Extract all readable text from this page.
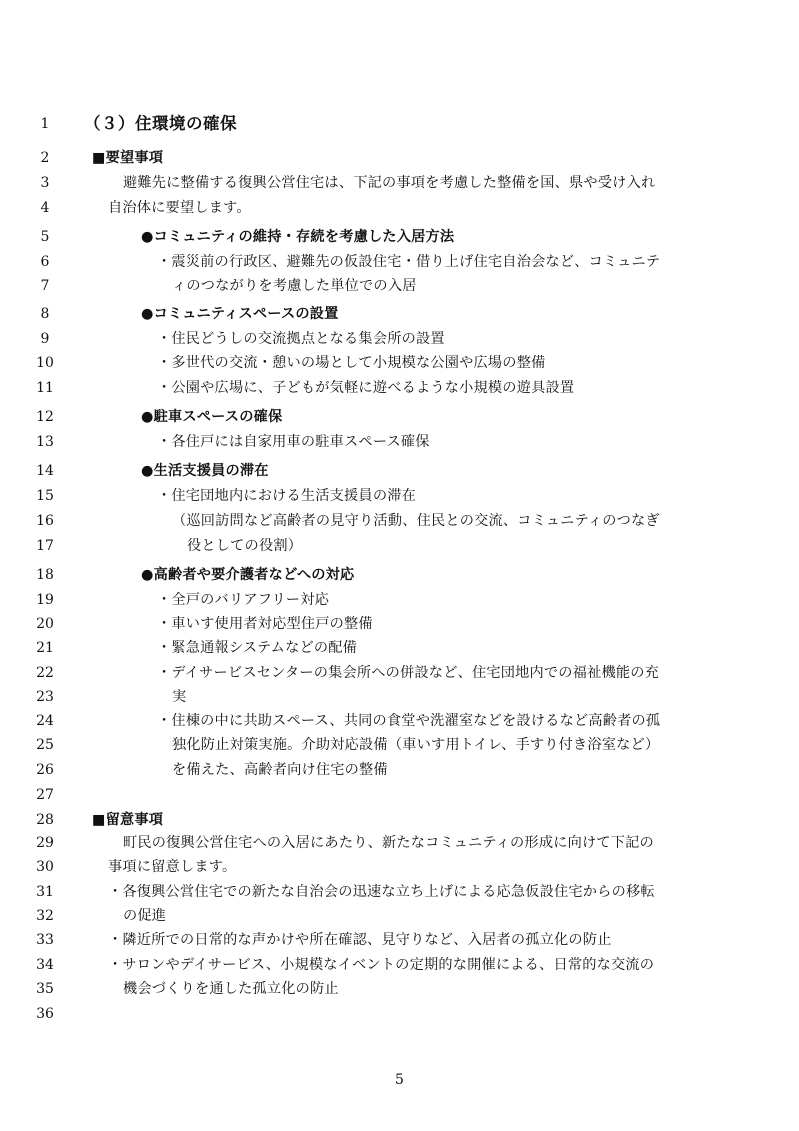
1	（３）住環境の確保
2	■要望事項
3	避難先に整備する復興公営住宅は、下記の事項を考慮した整備を国、県や受け入れ
4	自治体に要望します。
5	●コミュニティの維持・存続を考慮した入居方法
6	・震災前の行政区、避難先の仮設住宅・借り上げ住宅自治会など、コミュニテ
7	ィのつながりを考慮した単位での入居
8	●コミュニティスペースの設置
9	・住民どうしの交流拠点となる集会所の設置
10	・多世代の交流・憩いの場として小規模な公園や広場の整備
11	・公園や広場に、子どもが気軽に遊べるような小規模の遊具設置
12	●駐車スペースの確保
13	・各住戸には自家用車の駐車スペース確保
14	●生活支援員の滞在
15	・住宅団地内における生活支援員の滞在
16	（巡回訪問など高齢者の見守り活動、住民との交流、コミュニティのつなぎ
17	役としての役割）
18	●高齢者や要介護者などへの対応
19	・全戸のバリアフリー対応
20	・車いす使用者対応型住戸の整備
21	・緊急通報システムなどの配備
22	・デイサービスセンターの集会所への併設など、住宅団地内での福祉機能の充
23	実
24	・住棟の中に共助スペース、共同の食堂や洗濯室などを設けるなど高齢者の孤
25	独化防止対策実施。介助対応設備（車いす用トイレ、手すり付き浴室など）
26	を備えた、高齢者向け住宅の整備
27
28	■留意事項
29	町民の復興公営住宅への入居にあたり、新たなコミュニティの形成に向けて下記の
30	事項に留意します。
31	・各復興公営住宅での新たな自治会の迅速な立ち上げによる応急仮設住宅からの移転
32	の促進
33	・隣近所での日常的な声かけや所在確認、見守りなど、入居者の孤立化の防止
34	・サロンやデイサービス、小規模なイベントの定期的な開催による、日常的な交流の
35	機会づくりを通した孤立化の防止
36
5
